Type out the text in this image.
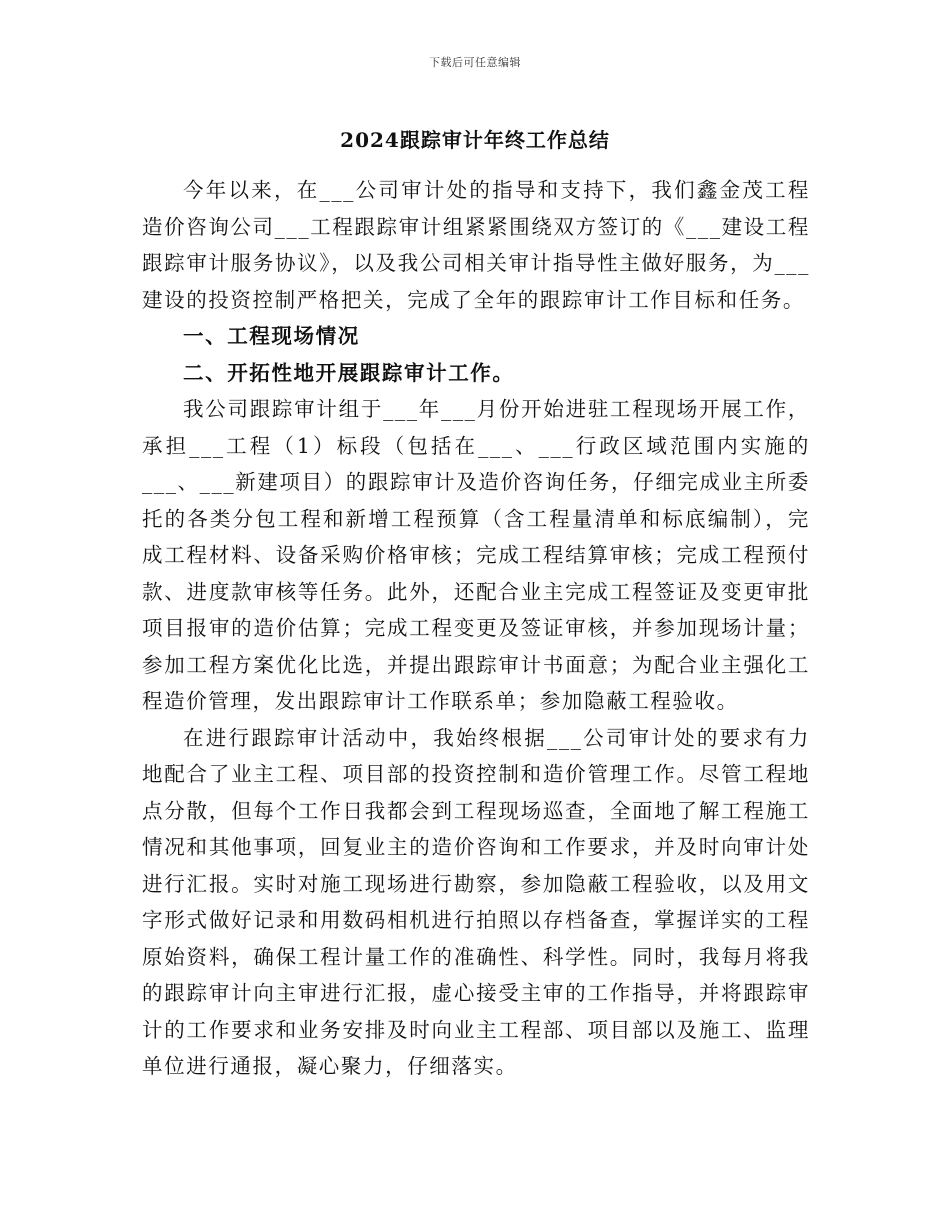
下载后可任意编辑
2024跟踪审计年终工作总结

今年以来，在___公司审计处的指导和支持下，我们鑫金茂工程造价咨询公司___工程跟踪审计组紧紧围绕双方签订的《___建设工程跟踪审计服务协议》，以及我公司相关审计指导性主做好服务，为___建设的投资控制严格把关，完成了全年的跟踪审计工作目标和任务。

一、工程现场情况

二、开拓性地开展跟踪审计工作。

我公司跟踪审计组于___年___月份开始进驻工程现场开展工作，承担___工程（1）标段（包括在___、___行政区域范围内实施的___、___新建项目）的跟踪审计及造价咨询任务，仔细完成业主所委托的各类分包工程和新增工程预算（含工程量清单和标底编制），完成工程材料、设备采购价格审核；完成工程结算审核；完成工程预付款、进度款审核等任务。此外，还配合业主完成工程签证及变更审批项目报审的造价估算；完成工程变更及签证审核，并参加现场计量；参加工程方案优化比选，并提出跟踪审计书面意；为配合业主强化工程造价管理，发出跟踪审计工作联系单；参加隐蔽工程验收。

在进行跟踪审计活动中，我始终根据___公司审计处的要求有力地配合了业主工程、项目部的投资控制和造价管理工作。尽管工程地点分散，但每个工作日我都会到工程现场巡查，全面地了解工程施工情况和其他事项，回复业主的造价咨询和工作要求，并及时向审计处进行汇报。实时对施工现场进行勘察，参加隐蔽工程验收，以及用文字形式做好记录和用数码相机进行拍照以存档备查，掌握详实的工程原始资料，确保工程计量工作的准确性、科学性。同时，我每月将我的跟踪审计向主审进行汇报，虚心接受主审的工作指导，并将跟踪审计的工作要求和业务安排及时向业主工程部、项目部以及施工、监理单位进行通报，凝心聚力，仔细落实。
